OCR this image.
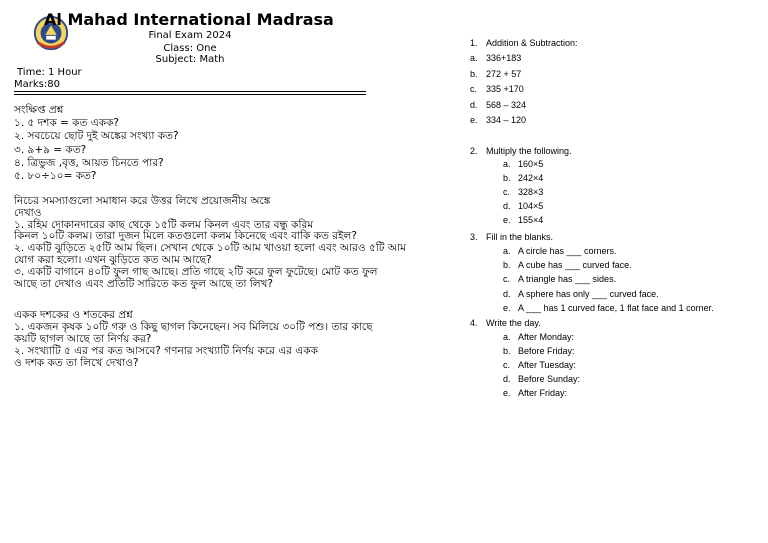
Al Mahad International Madrasa
Final Exam 2024
Class: One
Subject: Math
Time: 1 Hour
Marks:80
সংক্ষিপ্ত প্রশ্ন
১. ৫ দশক = কত একক?
২. সবচেয়ে ছোট দুই অঙ্কের সংখ্যা কত?
৩. ৯+৯ = কত?
৪. ত্রিভুজ ,বৃত্ত, আয়ত চিনতে পার?
৫. ৮০÷১০= কত?
নিচের সমস্যাগুলো সমাধান করে উত্তর লিখে প্রয়োজনীয় অঙ্কে
দেখাও
১. রহিম দোকানদারের কাছ থেকে ১৫টি কলম কিনল এবং তার বন্ধু করিম
কিনল ১০টি কলম। তারা দুজন মিলে কতগুলো কলম কিনেছে এবং বাকি কত রইল?
২. একটি ঝুড়িতে ২৫টি আম ছিল। সেখান থেকে ১০টি আম খাওয়া হলো এবং আরও ৫টি আম
যোগ করা হলো। এখন ঝুড়িতে কত আম আছে?
৩. একটি বাগানে ৪০টি ফুল গাছ আছে। প্রতি গাছে ২টি করে ফুল ফুটেছে। মোট কত ফুল
আছে তা দেখাও এবং প্রতিটি সারিতে কত ফুল আছে তা লিখ?
একক দশকের ও শতকের প্রশ্ন
১. একজন কৃষক ১০টি গরু ও কিছু ছাগল কিনেছেন। সব মিলিয়ে ৩০টি পশু। তার কাছে
কয়টি ছাগল আছে তা নির্ণয় কর?
২. সংখ্যাটি ৫ এর পর কত আসবে? গণনার সংখ্যাটি নির্ণয় করে এর একক
ও দশক কত তা লিখে দেখাও?
1. Addition & Subtraction:
a. 336+183
b. 272 + 57
c. 335 +170
d. 568 – 324
e. 334 – 120
2. Multiply the following.
a. 160×5
b. 242×4
c. 328×3
d. 104×5
e. 155×4
3. Fill in the blanks.
a. A circle has ___ corners.
b. A cube has ___ curved face.
c. A triangle has ___ sides.
d. A sphere has only ___ curved face.
e. A ___ has 1 curved face, 1 flat face and 1 corner.
4. Write the day.
a. After Monday:
b. Before Friday:
c. After Tuesday:
d. Before Sunday:
e. After Friday:
